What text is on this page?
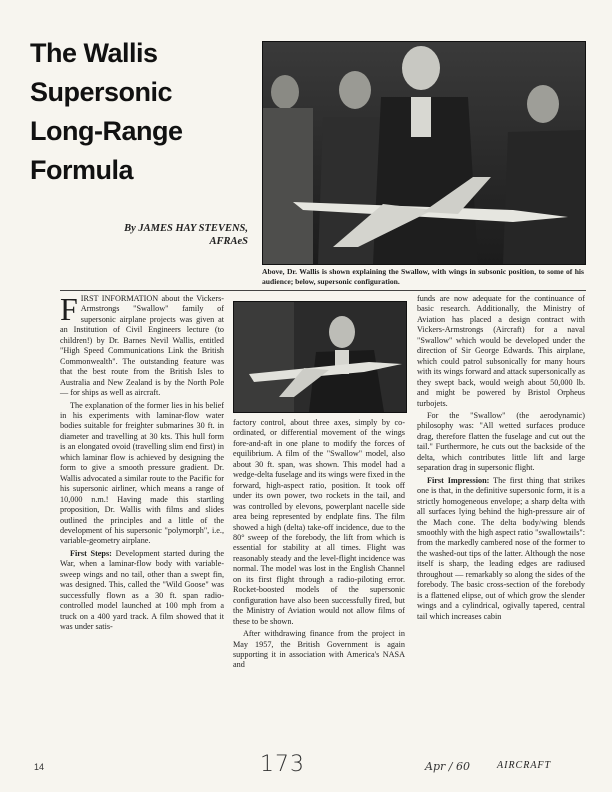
The Wallis
Supersonic
Long-Range
Formula
By JAMES HAY STEVENS,
AFRAeS
Above, Dr. Wallis is shown explaining the Swallow, with wings in subsonic position, to some of his audience; below, supersonic configuration.

FIRST INFORMATION about the Vickers-Armstrongs "Swallow" family of supersonic airplane projects was given at an Institution of Civil Engineers lecture (to children!) by Dr. Barnes Nevil Wallis, entitled "High Speed Communications Link the British Commonwealth". The outstanding feature was that the best route from the British Isles to Australia and New Zealand is by the North Pole — for ships as well as aircraft.

The explanation of the former lies in his belief in his experiments with laminar-flow water bodies suitable for freighter submarines 30 ft. in diameter and travelling at 30 kts. This hull form is an elongated ovoid (travelling slim end first) in which laminar flow is achieved by designing the form to give a smooth pressure gradient. Dr. Wallis advocated a similar route to the Pacific for his supersonic airliner, which means a range of 10,000 n.m.! Having made this startling proposition, Dr. Wallis with films and slides outlined the principles and a little of the development of his supersonic "polymorph", i.e., variable-geometry airplane.

First Steps: Development started during the War, when a laminar-flow body with variable-sweep wings and no tail, other than a swept fin, was designed. This, called the "Wild Goose" was successfully flown as a 30 ft. span radio-controlled model launched at 100 mph from a truck on a 400 yard track. A film showed that it was under satis-

factory control, about three axes, simply by co-ordinated, or differential movement of the wings fore-and-aft in one plane to modify the forces of equilibrium. A film of the "Swallow" model, also about 30 ft. span, was shown. This model had a wedge-delta fuselage and its wings were fixed in the forward, high-aspect ratio, position. It took off under its own power, two rockets in the tail, and was controlled by elevons, powerplant nacelle side area being represented by endplate fins. The film showed a high (delta) take-off incidence, due to the 80° sweep of the forebody, the lift from which is essential for stability at all times. Flight was reasonably steady and the level-flight incidence was normal. The model was lost in the English Channel on its first flight through a radio-piloting error. Rocket-boosted models of the supersonic configuration have also been successfully fired, but the Ministry of Aviation would not allow films of these to be shown.

After withdrawing finance from the project in May 1957, the British Government is again supporting it in association with America's NASA and

funds are now adequate for the continuance of basic research. Additionally, the Ministry of Aviation has placed a design contract with Vickers-Armstrongs (Aircraft) for a naval "Swallow" which would be developed under the direction of Sir George Edwards. This airplane, which could patrol subsonically for many hours with its wings forward and attack supersonically as they swept back, would weigh about 50,000 lb. and might be powered by Bristol Orpheus turbojets.

For the "Swallow" (the aerodynamic) philosophy was: "All wetted surfaces produce drag, therefore flatten the fuselage and cut out the tail." Furthermore, he cuts out the backside of the delta, which contributes little lift and large separation drag in supersonic flight.

First Impression: The first thing that strikes one is that, in the definitive supersonic form, it is a strictly homogeneous envelope; a sharp delta with all surfaces lying behind the high-pressure air of the Mach cone. The delta body/wing blends smoothly with the high aspect ratio "swallowtails": from the markedly cambered nose of the former to the washed-out tips of the latter. Although the nose itself is sharp, the leading edges are radiused throughout — remarkably so along the sides of the forebody. The basic cross-section of the forebody is a flattened elipse, out of which grow the slender wings and a cylindrical, ogivally tapered, central tail which increases cabin

14	173	Apr / 60	AIRCRAFT
